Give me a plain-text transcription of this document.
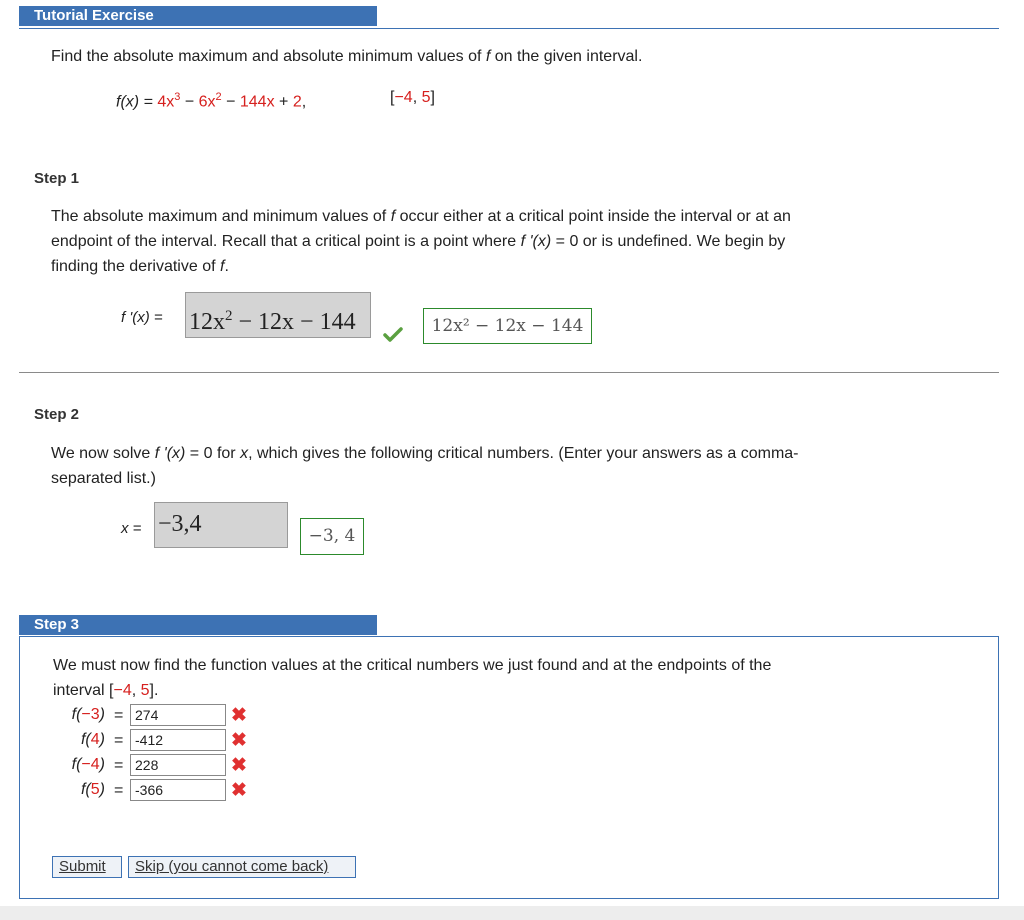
Tutorial Exercise
Find the absolute maximum and absolute minimum values of f on the given interval.
$f(x) = 4x^3 - 6x^2 - 144x + 2$,	[−4, 5]
Step 1
The absolute maximum and minimum values of f occur either at a critical point inside the interval or at an
endpoint of the interval. Recall that a critical point is a point where f '(x) = 0 or is undefined. We begin by
finding the derivative of f.
f '$(x) = 12x^2 - 12x - 144$	12x² − 12x − 144
Step 2
We now solve f '(x) = 0 for x, which gives the following critical numbers. (Enter your answers as a comma-
separated list.)
x = −3,4	−3, 4
Step 3
We must now find the function values at the critical numbers we just found and at the endpoints of the
interval [−4, 5].
f(−3) = 274	✖
f(4) = -412	✖
f(−4) = 228	✖
f(5) = -366	✖
Submit	Skip (you cannot come back)
